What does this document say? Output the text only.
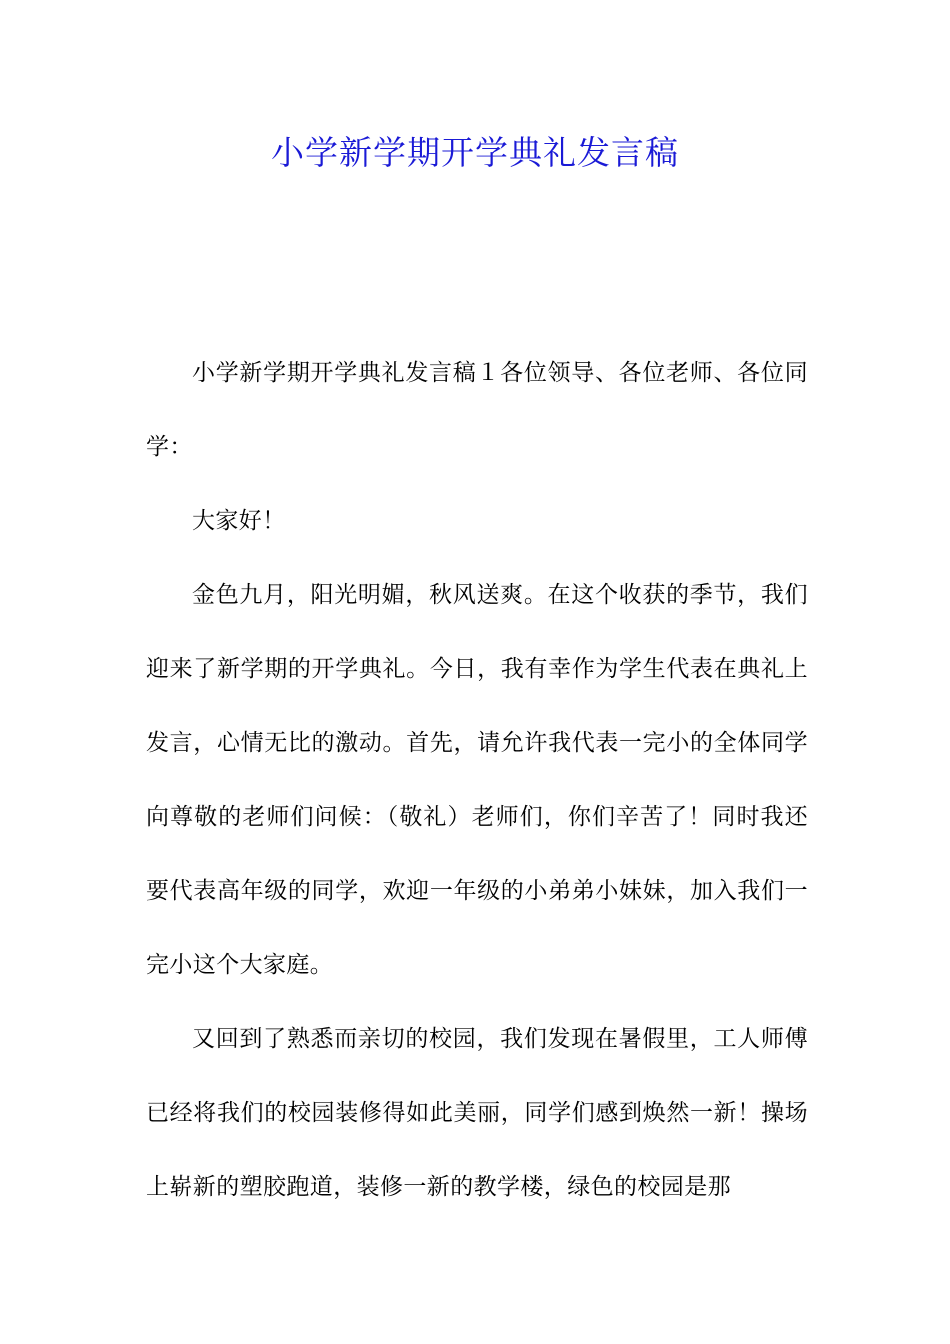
小学新学期开学典礼发言稿

小学新学期开学典礼发言稿１各位领导、各位老师、各位同学：

大家好！

金色九月，阳光明媚，秋风送爽。在这个收获的季节，我们迎来了新学期的开学典礼。今日，我有幸作为学生代表在典礼上发言，心情无比的激动。首先，请允许我代表一完小的全体同学向尊敬的老师们问候：（敬礼）老师们，你们辛苦了！同时我还要代表高年级的同学，欢迎一年级的小弟弟小妹妹，加入我们一完小这个大家庭。

又回到了熟悉而亲切的校园，我们发现在暑假里，工人师傅已经将我们的校园装修得如此美丽，同学们感到焕然一新！操场上崭新的塑胶跑道，装修一新的教学楼，绿色的校园是那
